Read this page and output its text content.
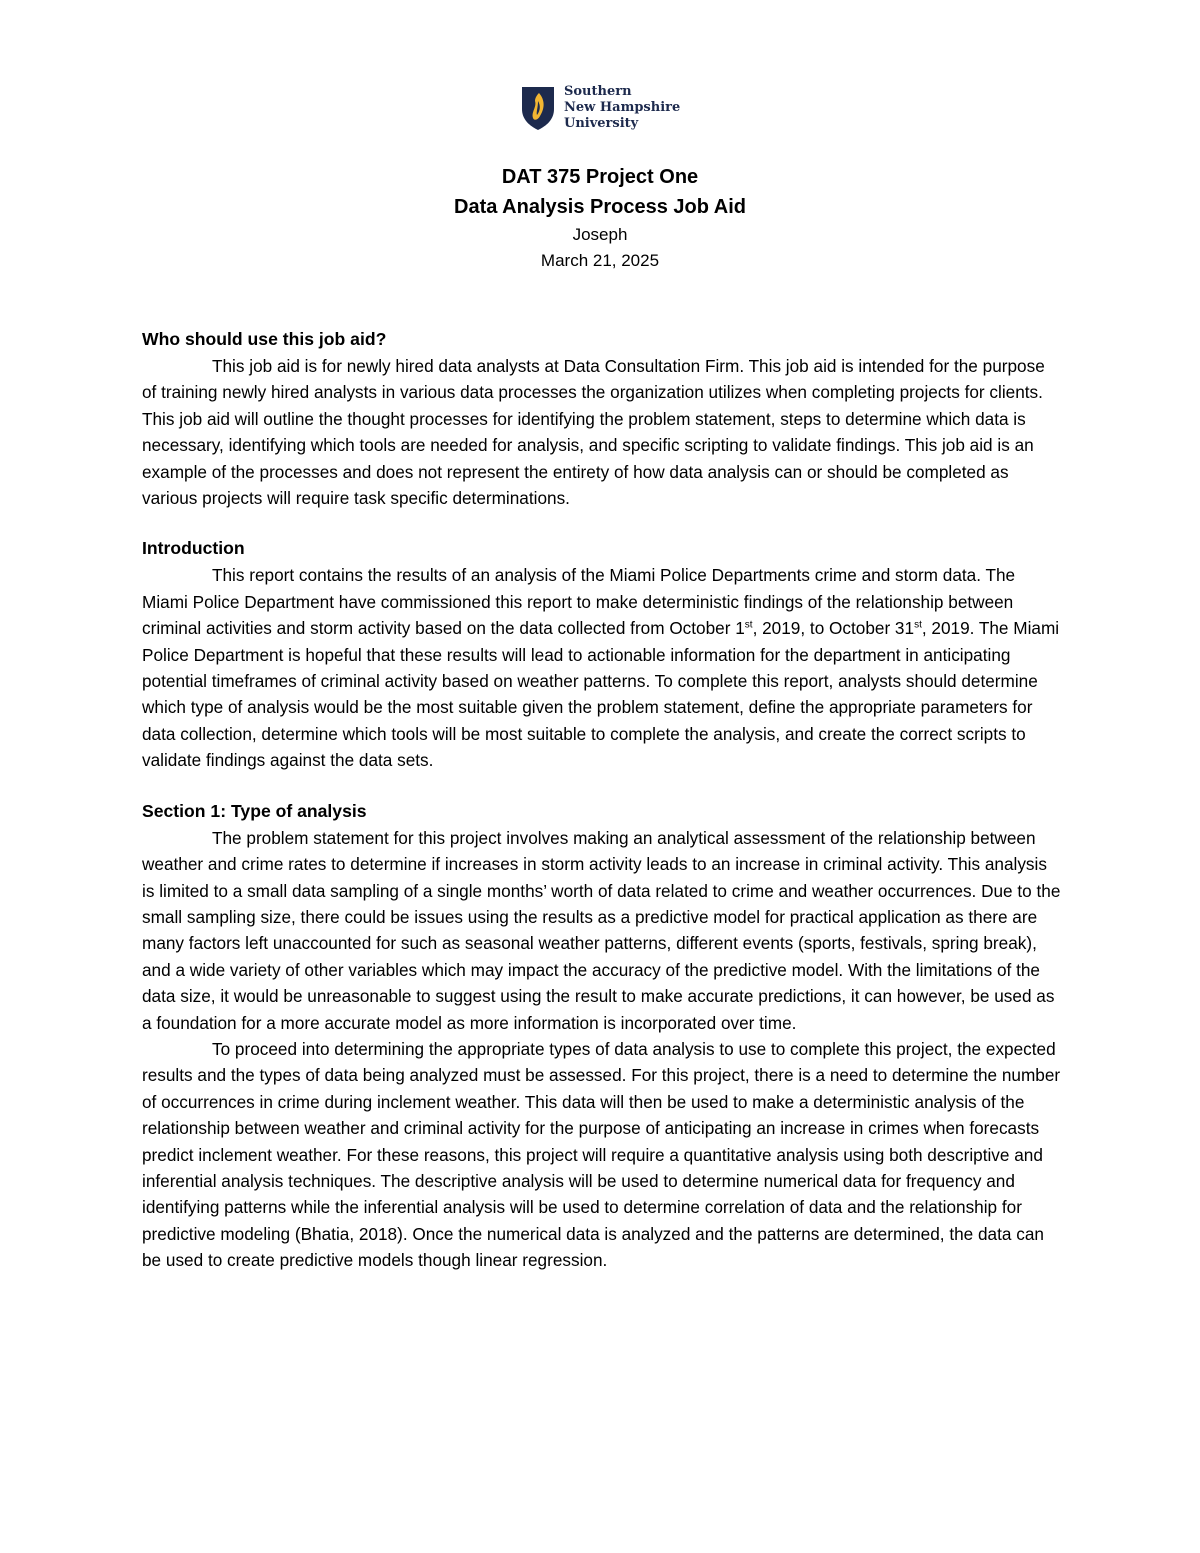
Southern
New Hampshire
University
DAT 375 Project One
Data Analysis Process Job Aid
Joseph
March 21, 2025
Who should use this job aid?

This job aid is for newly hired data analysts at Data Consultation Firm. This job aid is intended for the purpose of training newly hired analysts in various data processes the organization utilizes when completing projects for clients. This job aid will outline the thought processes for identifying the problem statement, steps to determine which data is necessary, identifying which tools are needed for analysis, and specific scripting to validate findings. This job aid is an example of the processes and does not represent the entirety of how data analysis can or should be completed as various projects will require task specific determinations.

Introduction

This report contains the results of an analysis of the Miami Police Departments crime and storm data. The Miami Police Department have commissioned this report to make deterministic findings of the relationship between criminal activities and storm activity based on the data collected from October 1st, 2019, to October 31st, 2019. The Miami Police Department is hopeful that these results will lead to actionable information for the department in anticipating potential timeframes of criminal activity based on weather patterns. To complete this report, analysts should determine which type of analysis would be the most suitable given the problem statement, define the appropriate parameters for data collection, determine which tools will be most suitable to complete the analysis, and create the correct scripts to validate findings against the data sets.

Section 1: Type of analysis

The problem statement for this project involves making an analytical assessment of the relationship between weather and crime rates to determine if increases in storm activity leads to an increase in criminal activity. This analysis is limited to a small data sampling of a single months’ worth of data related to crime and weather occurrences. Due to the small sampling size, there could be issues using the results as a predictive model for practical application as there are many factors left unaccounted for such as seasonal weather patterns, different events (sports, festivals, spring break), and a wide variety of other variables which may impact the accuracy of the predictive model. With the limitations of the data size, it would be unreasonable to suggest using the result to make accurate predictions, it can however, be used as a foundation for a more accurate model as more information is incorporated over time.

To proceed into determining the appropriate types of data analysis to use to complete this project, the expected results and the types of data being analyzed must be assessed. For this project, there is a need to determine the number of occurrences in crime during inclement weather. This data will then be used to make a deterministic analysis of the relationship between weather and criminal activity for the purpose of anticipating an increase in crimes when forecasts predict inclement weather. For these reasons, this project will require a quantitative analysis using both descriptive and inferential analysis techniques. The descriptive analysis will be used to determine numerical data for frequency and identifying patterns while the inferential analysis will be used to determine correlation of data and the relationship for predictive modeling (Bhatia, 2018). Once the numerical data is analyzed and the patterns are determined, the data can be used to create predictive models though linear regression.
